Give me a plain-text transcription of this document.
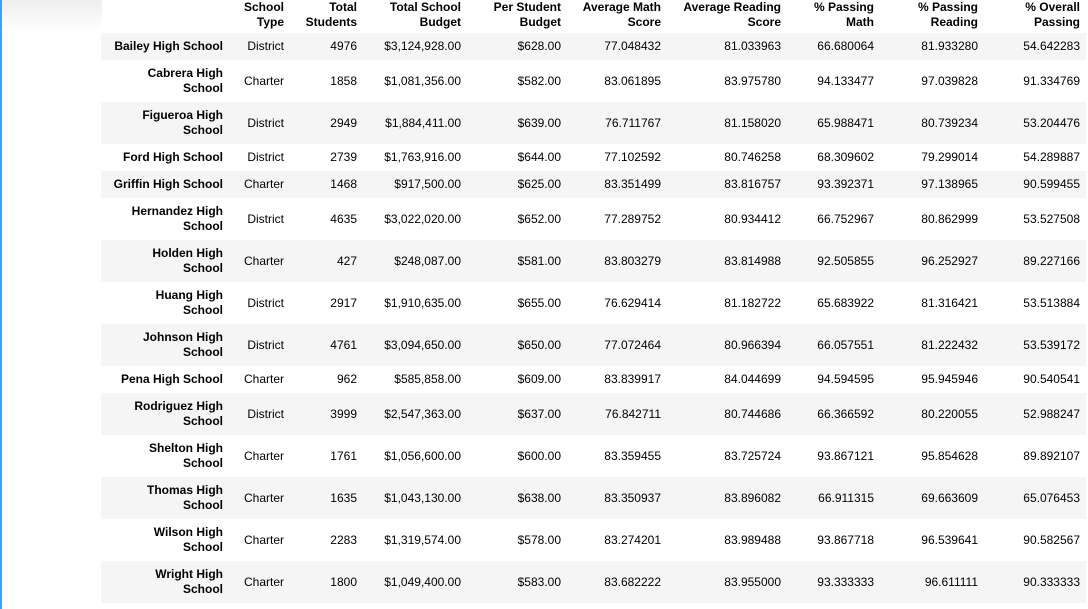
	School Type	Total Students	Total School Budget	Per Student Budget	Average Math Score	Average Reading Score	% Passing Math	% Passing Reading	% Overall Passing
Bailey High School	District	4976	$3,124,928.00	$628.00	77.048432	81.033963	66.680064	81.933280	54.642283
Cabrera High
School	Charter	1858	$1,081,356.00	$582.00	83.061895	83.975780	94.133477	97.039828	91.334769
Figueroa High
School	District	2949	$1,884,411.00	$639.00	76.711767	81.158020	65.988471	80.739234	53.204476
Ford High School	District	2739	$1,763,916.00	$644.00	77.102592	80.746258	68.309602	79.299014	54.289887
Griffin High School	Charter	1468	$917,500.00	$625.00	83.351499	83.816757	93.392371	97.138965	90.599455
Hernandez High
School	District	4635	$3,022,020.00	$652.00	77.289752	80.934412	66.752967	80.862999	53.527508
Holden High
School	Charter	427	$248,087.00	$581.00	83.803279	83.814988	92.505855	96.252927	89.227166
Huang High
School	District	2917	$1,910,635.00	$655.00	76.629414	81.182722	65.683922	81.316421	53.513884
Johnson High
School	District	4761	$3,094,650.00	$650.00	77.072464	80.966394	66.057551	81.222432	53.539172
Pena High School	Charter	962	$585,858.00	$609.00	83.839917	84.044699	94.594595	95.945946	90.540541
Rodriguez High
School	District	3999	$2,547,363.00	$637.00	76.842711	80.744686	66.366592	80.220055	52.988247
Shelton High
School	Charter	1761	$1,056,600.00	$600.00	83.359455	83.725724	93.867121	95.854628	89.892107
Thomas High
School	Charter	1635	$1,043,130.00	$638.00	83.350937	83.896082	66.911315	69.663609	65.076453
Wilson High
School	Charter	2283	$1,319,574.00	$578.00	83.274201	83.989488	93.867718	96.539641	90.582567
Wright High
School	Charter	1800	$1,049,400.00	$583.00	83.682222	83.955000	93.333333	96.611111	90.333333
